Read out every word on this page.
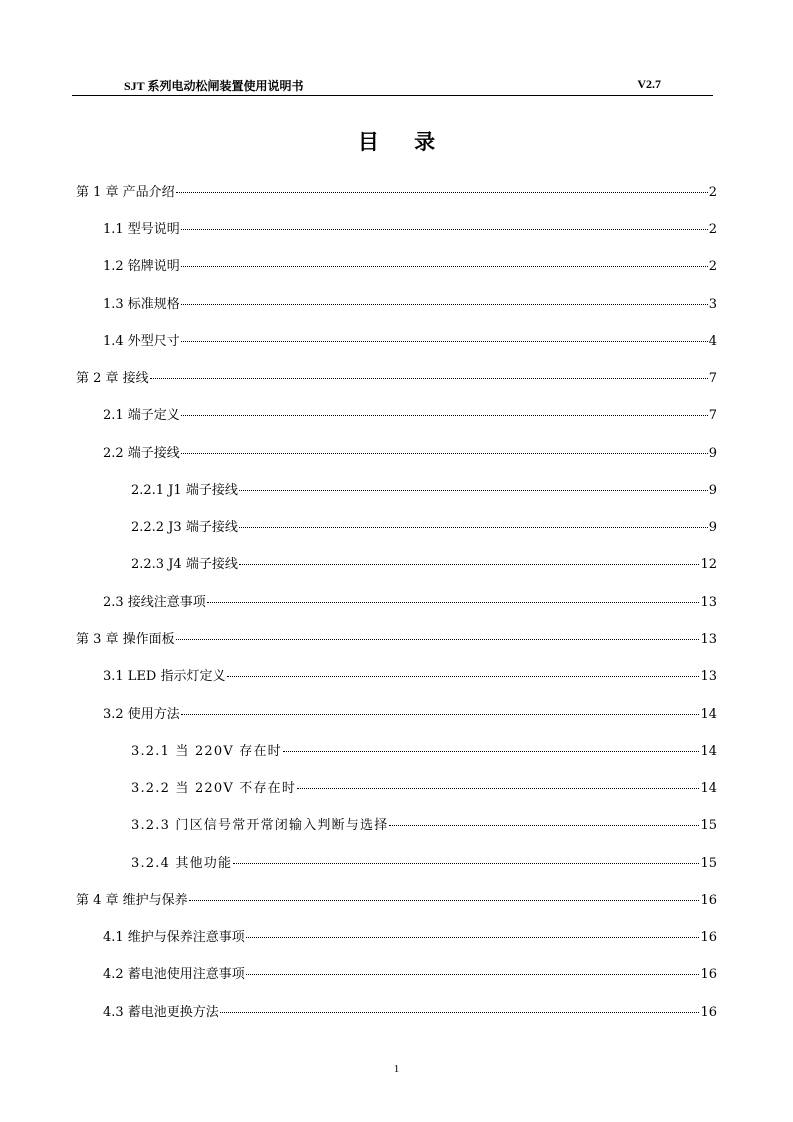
SJT 系列电动松闸装置使用说明书	V2.7
目 录
第 1 章 产品介绍	2
1.1 型号说明	2
1.2 铭牌说明	2
1.3 标准规格	3
1.4 外型尺寸	4
第 2 章 接线	7
2.1 端子定义	7
2.2 端子接线	9
2.2.1 J1 端子接线	9
2.2.2 J3 端子接线	9
2.2.3 J4 端子接线	12
2.3 接线注意事项	13
第 3 章 操作面板	13
3.1 LED 指示灯定义	13
3.2 使用方法	14
3.2.1 当 220V 存在时	14
3.2.2 当 220V 不存在时	14
3.2.3 门区信号常开常闭输入判断与选择	15
3.2.4 其他功能	15
第 4 章 维护与保养	16
4.1 维护与保养注意事项	16
4.2 蓄电池使用注意事项	16
4.3 蓄电池更换方法	16
1
